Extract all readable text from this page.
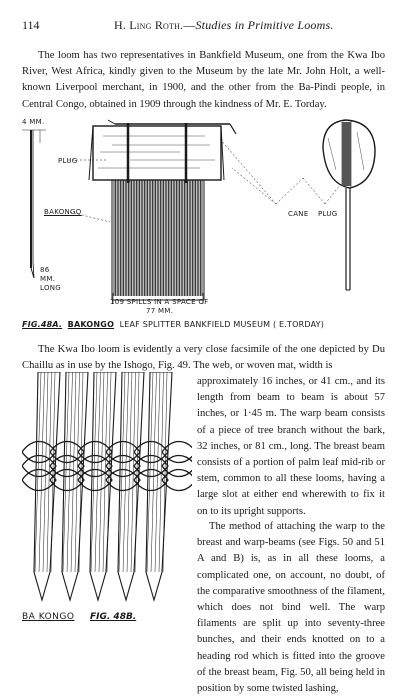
114	H. Ling Roth.—Studies in Primitive Looms.
The loom has two representatives in Bankfield Museum, one from the Kwa Ibo River, West Africa, kindly given to the Museum by the late Mr. John Holt, a well-known Liverpool merchant, in 1900, and the other from the Ba-Pindi people, in Central Congo, obtained in 1909 through the kindness of Mr. E. Torday.
4 MM.
PLUG
BAKONGO
86
MM.
LONG
CANE PLUG
109 SPILLS IN A SPACE OF
77 MM.
FIG.48A. BAKONGO LEAF SPLITTER BANKFIELD MUSEUM ( E.TORDAY)
The Kwa Ibo loom is evidently a very close facsimile of the one depicted by Du Chaillu as in use by the Ishogo, Fig. 49. The web, or woven mat, width is
BA KONGO FIG. 48B.
approximately 16 inches, or 41 cm., and its length from beam to beam is about 57 inches, or 1·45 m. The warp beam consists of a piece of tree branch without the bark, 32 inches, or 81 cm., long. The breast beam consists of a portion of palm leaf mid-rib or stem, common to all these looms, having a large slot at either end wherewith to fix it on to its upright supports.
The method of attaching the warp to the breast and warp-beams (see Figs. 50 and 51 A and B) is, as in all these looms, a complicated one, on account, no doubt, of the comparative smoothness of the filament, which does not bind well. The warp filaments are split up into seventy-three bunches, and their ends knotted on to a heading rod which is fitted into the groove of the breast beam, Fig. 50, all being held in position by some twisted lashing,
